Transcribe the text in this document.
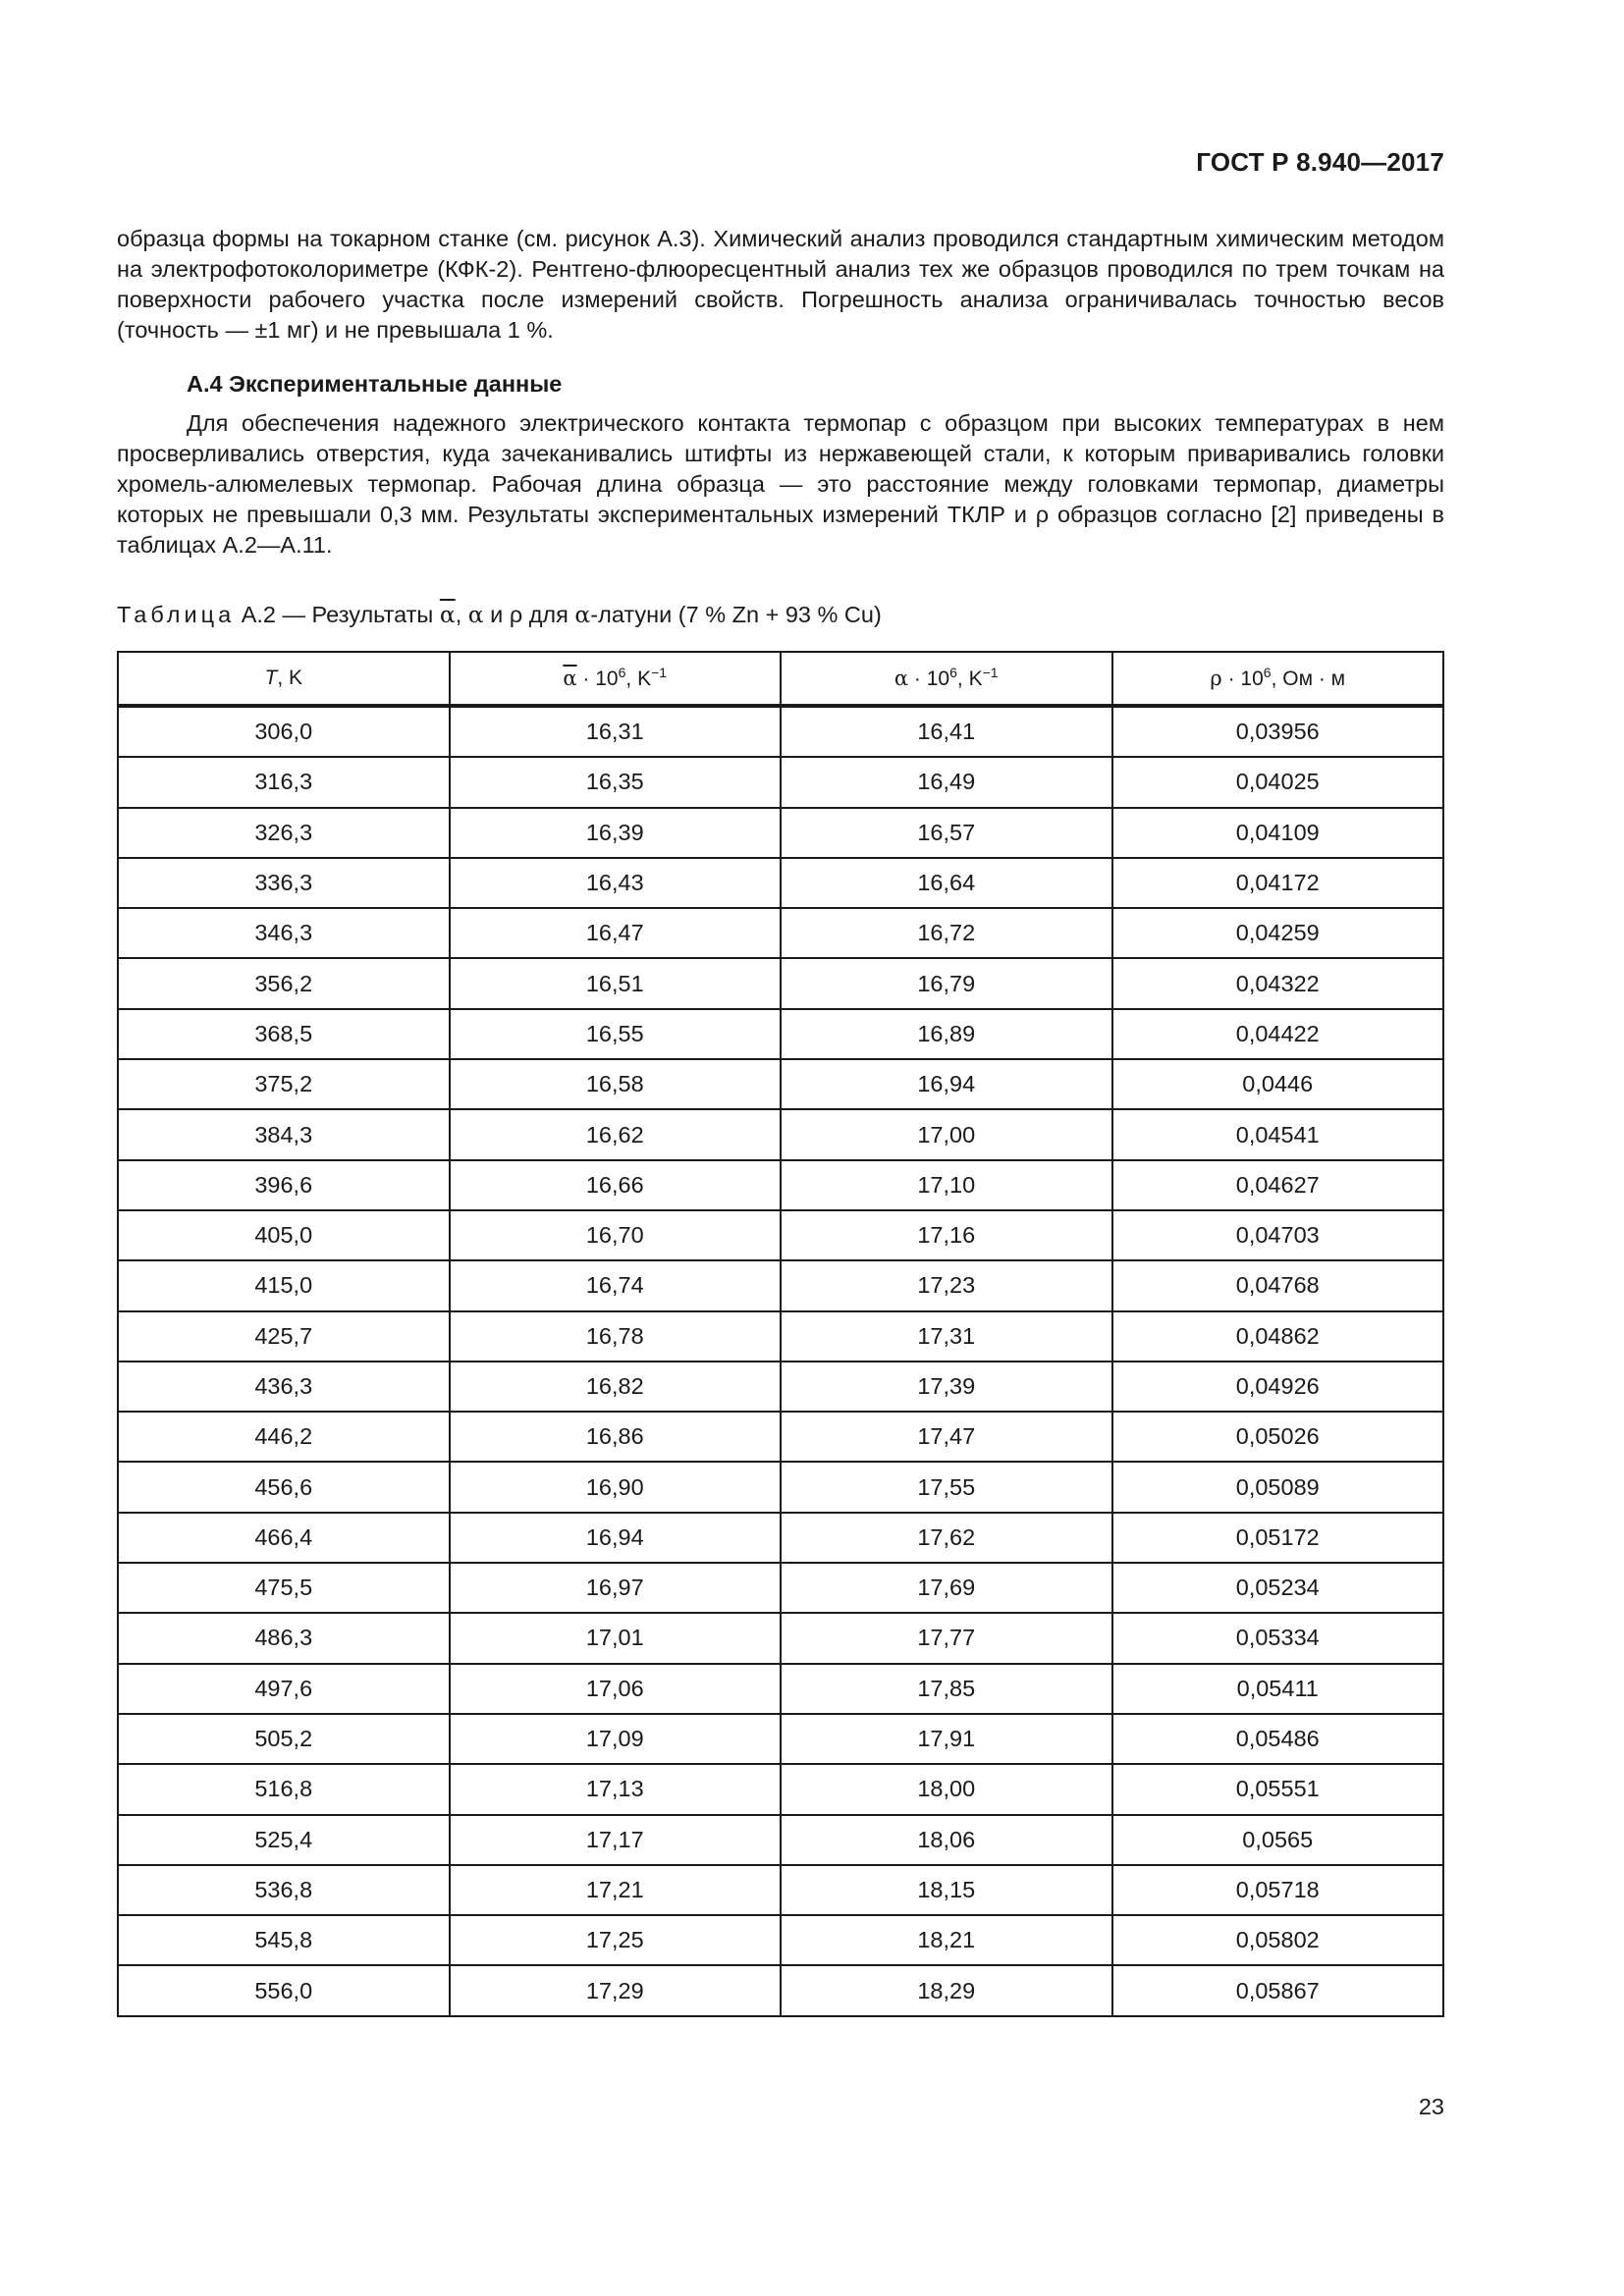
ГОСТ Р 8.940—2017

образца формы на токарном станке (см. рисунок А.3). Химический анализ проводился стандартным химическим методом на электрофотоколориметре (КФК-2). Рентгено-флюоресцентный анализ тех же образцов проводился по трем точкам на поверхности рабочего участка после измерений свойств. Погрешность анализа ограничивалась точностью весов (точность — ±1 мг) и не превышала 1 %.

А.4 Экспериментальные данные

Для обеспечения надежного электрического контакта термопар с образцом при высоких температурах в нем просверливались отверстия, куда зачеканивались штифты из нержавеющей стали, к которым приваривались головки хромель-алюмелевых термопар. Рабочая длина образца — это расстояние между головками термопар, диаметры которых не превышали 0,3 мм. Результаты экспериментальных измерений ТКЛР и ρ образцов согласно [2] приведены в таблицах А.2—А.11.

Таблица А.2 — Результаты $\overline{\alpha}$, α и ρ для α-латуни (7 % Zn + 93 % Cu)

T, K	$\overline{\alpha} \cdot 10^6$, $K^{-1}$	$\alpha \cdot 10^6$, $K^{-1}$	$\rho \cdot 10^6$, Ом · м
306,0	16,31	16,41	0,03956
316,3	16,35	16,49	0,04025
326,3	16,39	16,57	0,04109
336,3	16,43	16,64	0,04172
346,3	16,47	16,72	0,04259
356,2	16,51	16,79	0,04322
368,5	16,55	16,89	0,04422
375,2	16,58	16,94	0,0446
384,3	16,62	17,00	0,04541
396,6	16,66	17,10	0,04627
405,0	16,70	17,16	0,04703
415,0	16,74	17,23	0,04768
425,7	16,78	17,31	0,04862
436,3	16,82	17,39	0,04926
446,2	16,86	17,47	0,05026
456,6	16,90	17,55	0,05089
466,4	16,94	17,62	0,05172
475,5	16,97	17,69	0,05234
486,3	17,01	17,77	0,05334
497,6	17,06	17,85	0,05411
505,2	17,09	17,91	0,05486
516,8	17,13	18,00	0,05551
525,4	17,17	18,06	0,0565
536,8	17,21	18,15	0,05718
545,8	17,25	18,21	0,05802
556,0	17,29	18,29	0,05867
23
